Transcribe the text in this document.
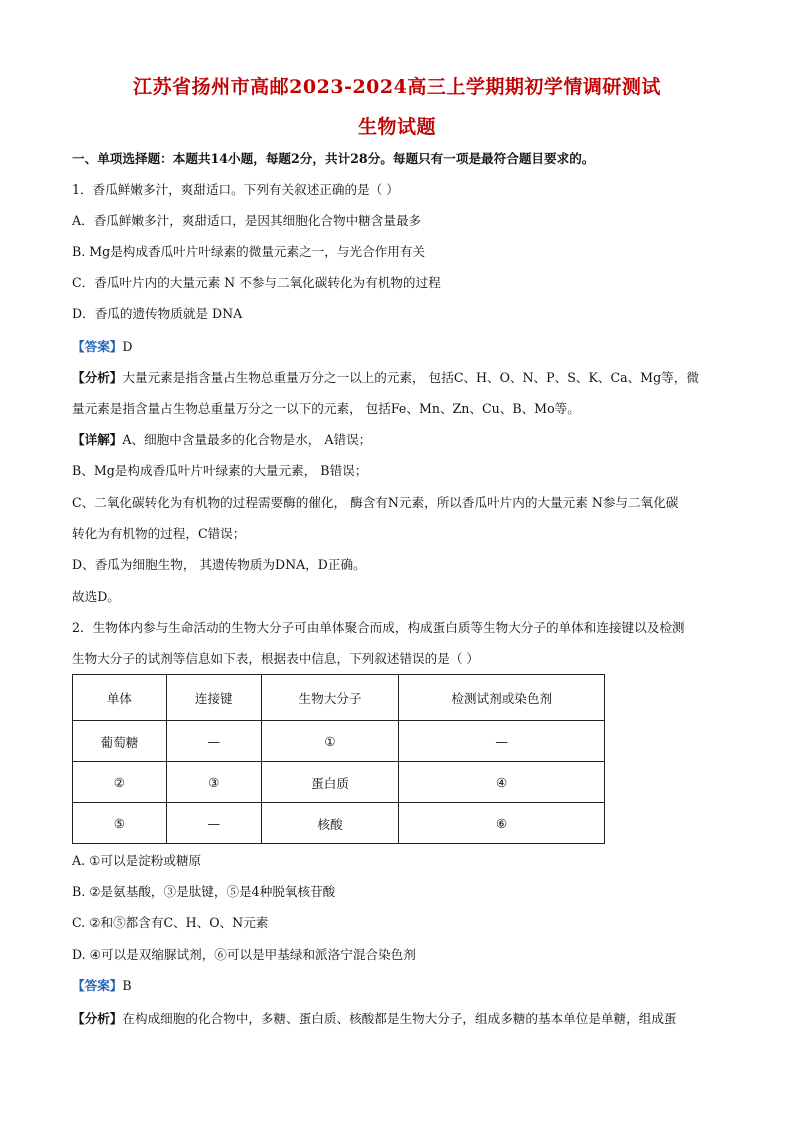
江苏省扬州市高邮2023-2024高三上学期期初学情调研测试
生物试题
一、单项选择题：本题共14小题，每题2分，共计28分。每题只有一项是最符合题目要求的。
1．香瓜鲜嫩多汁，爽甜适口。下列有关叙述正确的是（ ）
A．香瓜鲜嫩多汁，爽甜适口，是因其细胞化合物中糖含量最多
B. Mg是构成香瓜叶片叶绿素的微量元素之一，与光合作用有关
C．香瓜叶片内的大量元素 N 不参与二氧化碳转化为有机物的过程
D．香瓜的遗传物质就是 DNA
【答案】D
【分析】大量元素是指含量占生物总重量万分之一以上的元素， 包括C、H、O、N、P、S、K、Ca、Mg等，微
量元素是指含量占生物总重量万分之一以下的元素， 包括Fe、Mn、Zn、Cu、B、Mo等。
【详解】A、细胞中含量最多的化合物是水， A错误；
B、Mg是构成香瓜叶片叶绿素的大量元素， B错误；
C、二氧化碳转化为有机物的过程需要酶的催化， 酶含有N元素，所以香瓜叶片内的大量元素 N参与二氧化碳
转化为有机物的过程，C错误；
D、香瓜为细胞生物， 其遗传物质为DNA，D正确。
故选D。
2．生物体内参与生命活动的生物大分子可由单体聚合而成，构成蛋白质等生物大分子的单体和连接键以及检测
生物大分子的试剂等信息如下表，根据表中信息，下列叙述错误的是（ ）
单体	连接键	生物大分子	检测试剂或染色剂
葡萄糖	—	①	—
②	③	蛋白质	④
⑤	—	核酸	⑥
A. ①可以是淀粉或糖原
B. ②是氨基酸，③是肽键，⑤是4种脱氧核苷酸
C. ②和⑤都含有C、H、O、N元素
D. ④可以是双缩脲试剂，⑥可以是甲基绿和派洛宁混合染色剂
【答案】B
【分析】在构成细胞的化合物中，多糖、蛋白质、核酸都是生物大分子，组成多糖的基本单位是单糖，组成蛋
